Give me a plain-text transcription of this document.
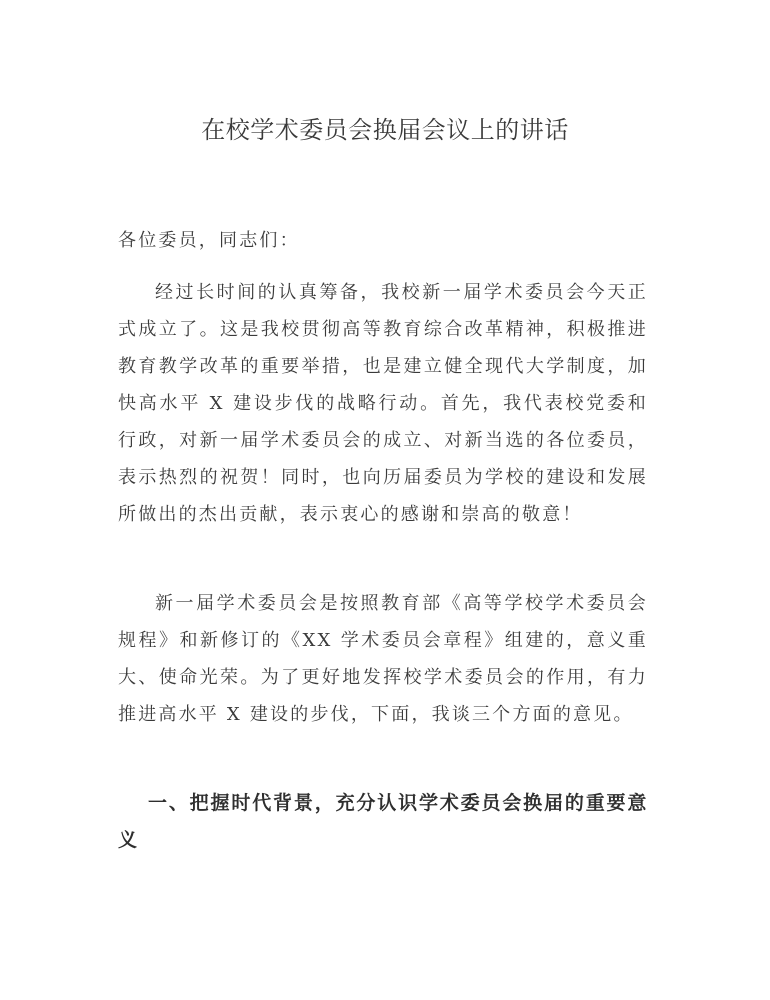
在校学术委员会换届会议上的讲话
各位委员，同志们：
经过长时间的认真筹备，我校新一届学术委员会今天正式成立了。这是我校贯彻高等教育综合改革精神，积极推进教育教学改革的重要举措，也是建立健全现代大学制度，加快高水平 X 建设步伐的战略行动。首先，我代表校党委和行政，对新一届学术委员会的成立、对新当选的各位委员，表示热烈的祝贺！同时，也向历届委员为学校的建设和发展所做出的杰出贡献，表示衷心的感谢和崇高的敬意！
新一届学术委员会是按照教育部《高等学校学术委员会规程》和新修订的《XX 学术委员会章程》组建的，意义重大、使命光荣。为了更好地发挥校学术委员会的作用，有力推进高水平 X 建设的步伐，下面，我谈三个方面的意见。
一、把握时代背景，充分认识学术委员会换届的重要意义
